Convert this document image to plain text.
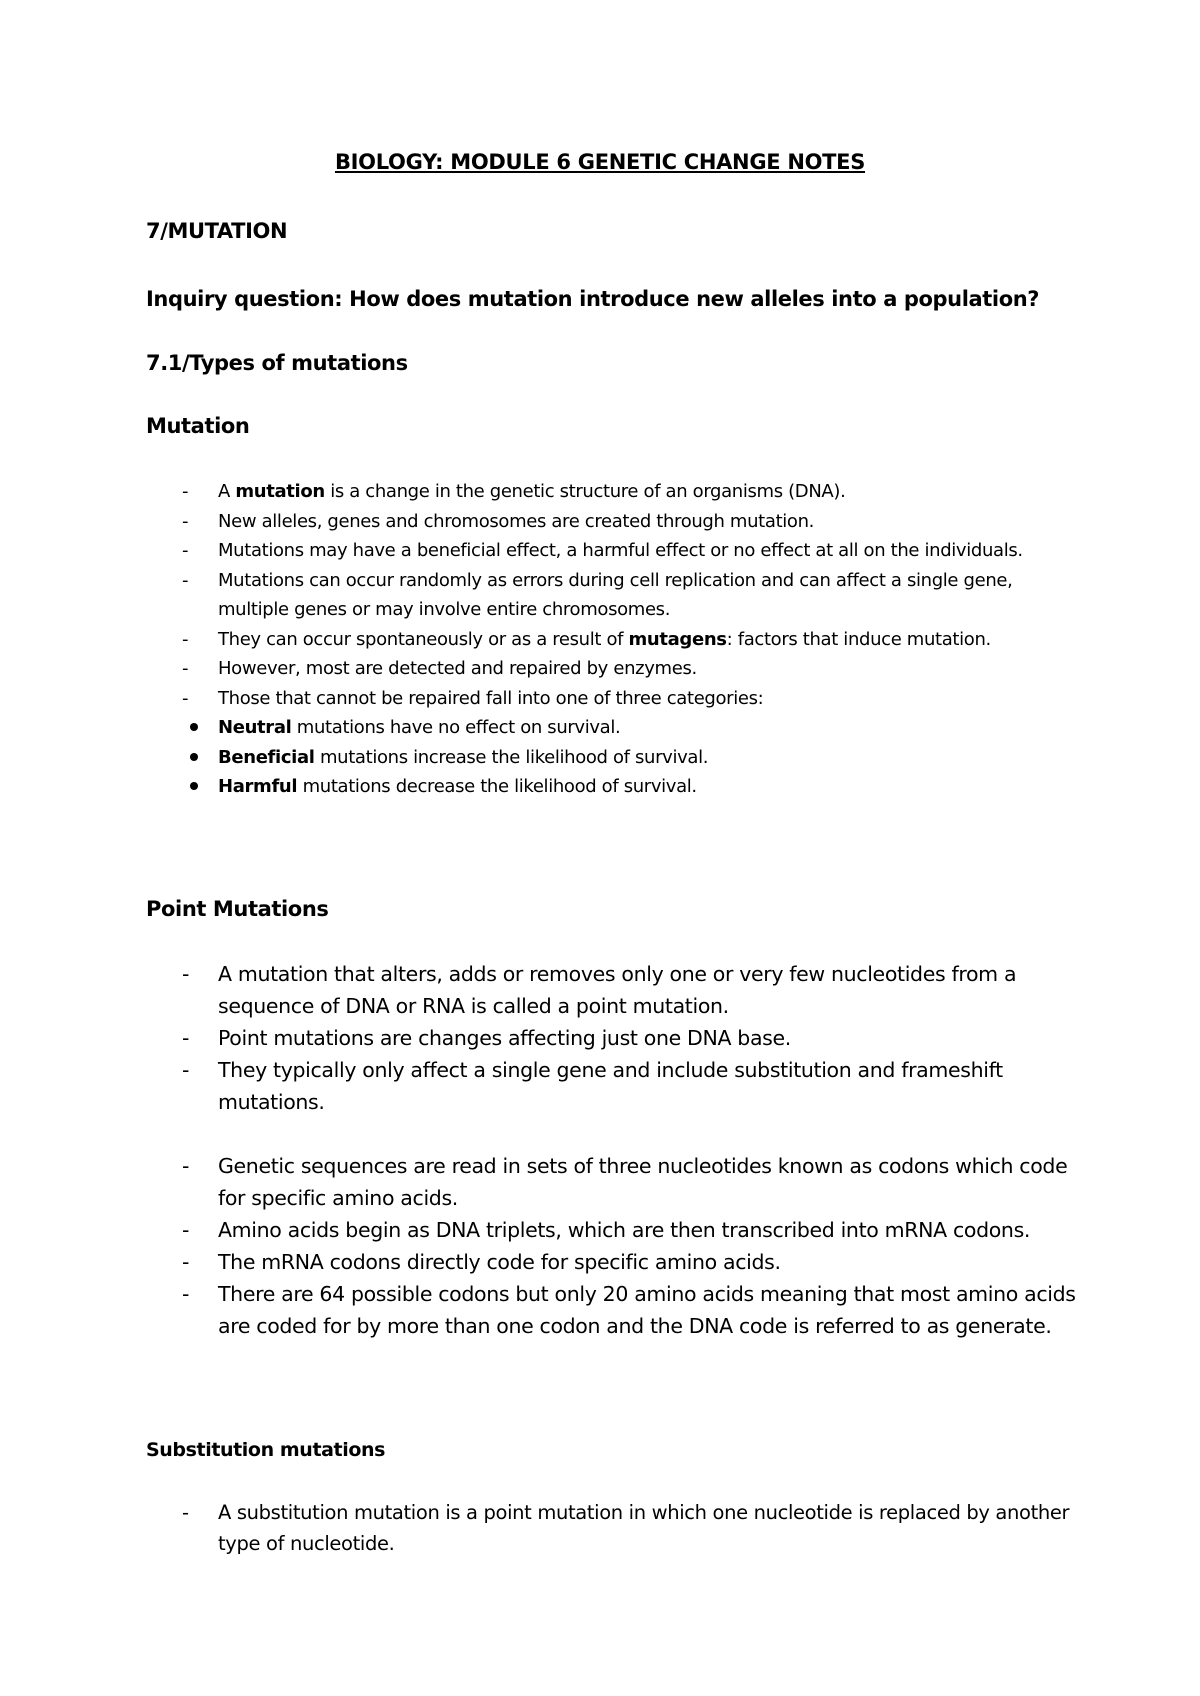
BIOLOGY: MODULE 6 GENETIC CHANGE NOTES
7/MUTATION
Inquiry question: How does mutation introduce new alleles into a population?
7.1/Types of mutations
Mutation
- A mutation is a change in the genetic structure of an organisms (DNA).
- New alleles, genes and chromosomes are created through mutation.
- Mutations may have a beneficial effect, a harmful effect or no effect at all on the individuals.
- Mutations can occur randomly as errors during cell replication and can affect a single gene, multiple genes or may involve entire chromosomes.
- They can occur spontaneously or as a result of mutagens: factors that induce mutation.
- However, most are detected and repaired by enzymes.
- Those that cannot be repaired fall into one of three categories:
Neutral mutations have no effect on survival.
Beneficial mutations increase the likelihood of survival.
Harmful mutations decrease the likelihood of survival.
Point Mutations
- A mutation that alters, adds or removes only one or very few nucleotides from a sequence of DNA or RNA is called a point mutation.
- Point mutations are changes affecting just one DNA base.
- They typically only affect a single gene and include substitution and frameshift mutations.
- Genetic sequences are read in sets of three nucleotides known as codons which code for specific amino acids.
- Amino acids begin as DNA triplets, which are then transcribed into mRNA codons.
- The mRNA codons directly code for specific amino acids.
- There are 64 possible codons but only 20 amino acids meaning that most amino acids are coded for by more than one codon and the DNA code is referred to as generate.
Substitution mutations
- A substitution mutation is a point mutation in which one nucleotide is replaced by another type of nucleotide.
